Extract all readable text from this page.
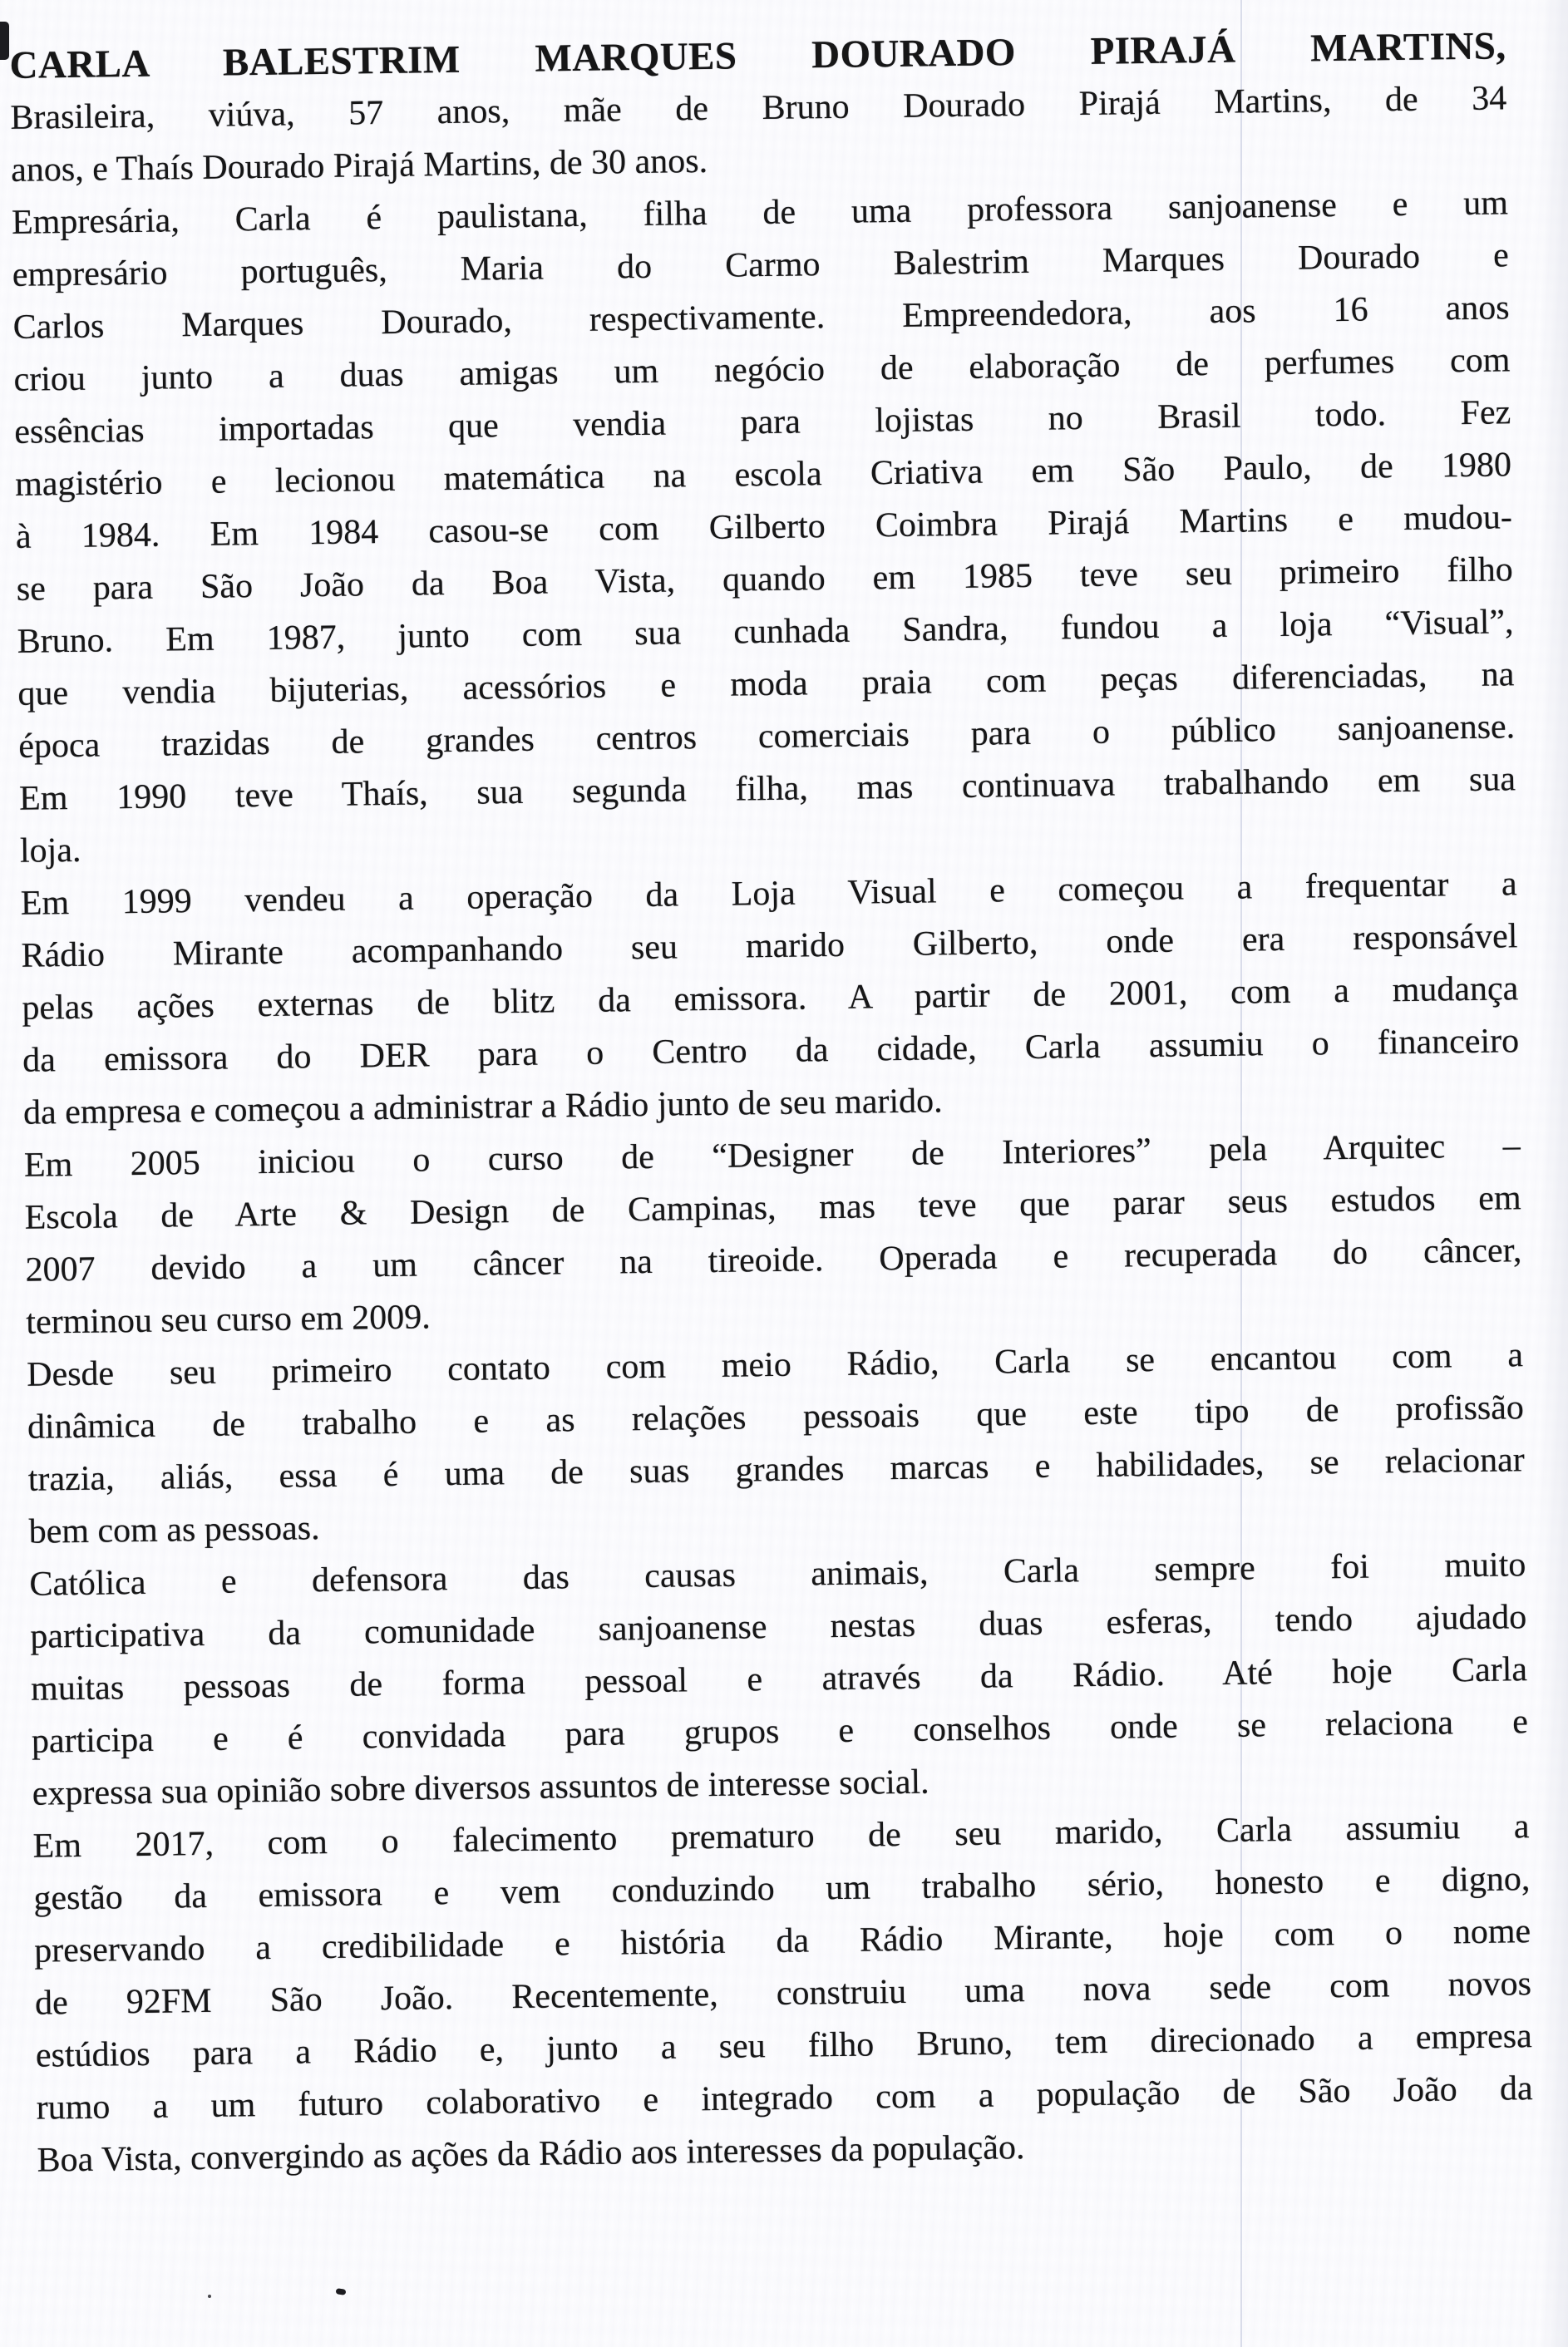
CARLA BALESTRIM MARQUES DOURADO PIRAJÁ MARTINS,
Brasileira, viúva, 57 anos, mãe de Bruno Dourado Pirajá Martins, de 34
anos, e Thaís Dourado Pirajá Martins, de 30 anos.
Empresária, Carla é paulistana, filha de uma professora sanjoanense e um
empresário português, Maria do Carmo Balestrim Marques Dourado e
Carlos Marques Dourado, respectivamente. Empreendedora, aos 16 anos
criou junto a duas amigas um negócio de elaboração de perfumes com
essências importadas que vendia para lojistas no Brasil todo. Fez
magistério e lecionou matemática na escola Criativa em São Paulo, de 1980
à 1984. Em 1984 casou-se com Gilberto Coimbra Pirajá Martins e mudou-
se para São João da Boa Vista, quando em 1985 teve seu primeiro filho
Bruno. Em 1987, junto com sua cunhada Sandra, fundou a loja “Visual”,
que vendia bijuterias, acessórios e moda praia com peças diferenciadas, na
época trazidas de grandes centros comerciais para o público sanjoanense.
Em 1990 teve Thaís, sua segunda filha, mas continuava trabalhando em sua
loja.
Em 1999 vendeu a operação da Loja Visual e começou a frequentar a
Rádio Mirante acompanhando seu marido Gilberto, onde era responsável
pelas ações externas de blitz da emissora. A partir de 2001, com a mudança
da emissora do DER para o Centro da cidade, Carla assumiu o financeiro
da empresa e começou a administrar a Rádio junto de seu marido.
Em 2005 iniciou o curso de “Designer de Interiores” pela Arquitec –
Escola de Arte & Design de Campinas, mas teve que parar seus estudos em
2007 devido a um câncer na tireoide. Operada e recuperada do câncer,
terminou seu curso em 2009.
Desde seu primeiro contato com meio Rádio, Carla se encantou com a
dinâmica de trabalho e as relações pessoais que este tipo de profissão
trazia, aliás, essa é uma de suas grandes marcas e habilidades, se relacionar
bem com as pessoas.
Católica e defensora das causas animais, Carla sempre foi muito
participativa da comunidade sanjoanense nestas duas esferas, tendo ajudado
muitas pessoas de forma pessoal e através da Rádio. Até hoje Carla
participa e é convidada para grupos e conselhos onde se relaciona e
expressa sua opinião sobre diversos assuntos de interesse social.
Em 2017, com o falecimento prematuro de seu marido, Carla assumiu a
gestão da emissora e vem conduzindo um trabalho sério, honesto e digno,
preservando a credibilidade e história da Rádio Mirante, hoje com o nome
de 92FM São João. Recentemente, construiu uma nova sede com novos
estúdios para a Rádio e, junto a seu filho Bruno, tem direcionado a empresa
rumo a um futuro colaborativo e integrado com a população de São João da
Boa Vista, convergindo as ações da Rádio aos interesses da população.
